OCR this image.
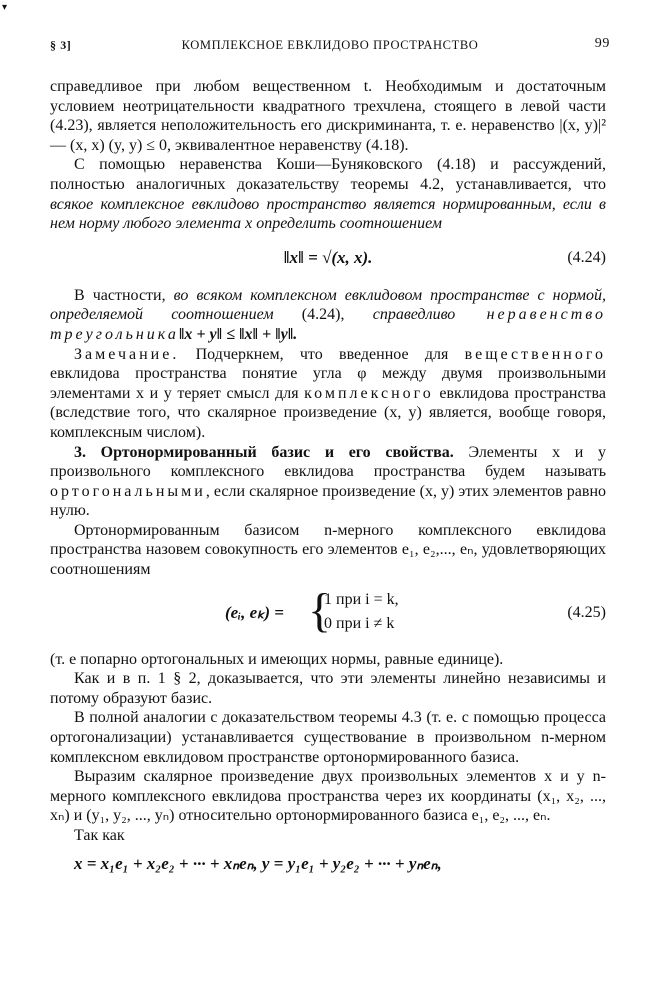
▾
§ 3]	КОМПЛЕКСНОЕ ЕВКЛИДОВО ПРОСТРАНСТВО	99

справедливое при любом вещественном t. Необходимым и достаточным условием неотрицательности квадратного трехчлена, стоящего в левой части (4.23), является неположительность его дискриминанта, т. е. неравенство |(x, y)|² — (x, x) (y, y) ≤ 0, эквивалентное неравенству (4.18).

С помощью неравенства Коши—Буняковского (4.18) и рассуждений, полностью аналогичных доказательству теоремы 4.2, устанавливается, что всякое комплексное евклидово пространство является нормированным, если в нем норму любого элемента x определить соотношением

‖x‖ = √(x, x).	(4.24)

В частности, во всяком комплексном евклидовом пространстве с нормой, определяемой соотношением (4.24), справедливо неравенство треугольника‖x + y‖ ≤ ‖x‖ + ‖y‖.

Замечание. Подчеркнем, что введенное для вещественного евклидова пространства понятие угла φ между двумя произвольными элементами x и y теряет смысл для комплексного евклидова пространства (вследствие того, что скалярное произведение (x, y) является, вообще говоря, комплексным числом).

3. Ортонормированный базис и его свойства. Элементы x и y произвольного комплексного евклидова пространства будем называть ортогональными, если скалярное произведение (x, y) этих элементов равно нулю.

Ортонормированным базисом n-мерного комплексного евклидова пространства назовем совокупность его элементов e₁, e₂,..., eₙ, удовлетворяющих соотношениям

(eᵢ, eₖ) = {
1 при i = k,
0 при i ≠ k
(4.25)

(т. е попарно ортогональных и имеющих нормы, равные единице).

Как и в п. 1 § 2, доказывается, что эти элементы линейно независимы и потому образуют базис.

В полной аналогии с доказательством теоремы 4.3 (т. е. с помощью процесса ортогонализации) устанавливается существование в произвольном n-мерном комплексном евклидовом пространстве ортонормированного базиса.

Выразим скалярное произведение двух произвольных элементов x и y n-мерного комплексного евклидова пространства через их координаты (x₁, x₂, ..., xₙ) и (y₁, y₂, ..., yₙ) относительно ортонормированного базиса e₁, e₂, ..., eₙ.

Так как

x = x₁e₁ + x₂e₂ + ··· + xₙeₙ, y = y₁e₁ + y₂e₂ + ··· + yₙeₙ,
